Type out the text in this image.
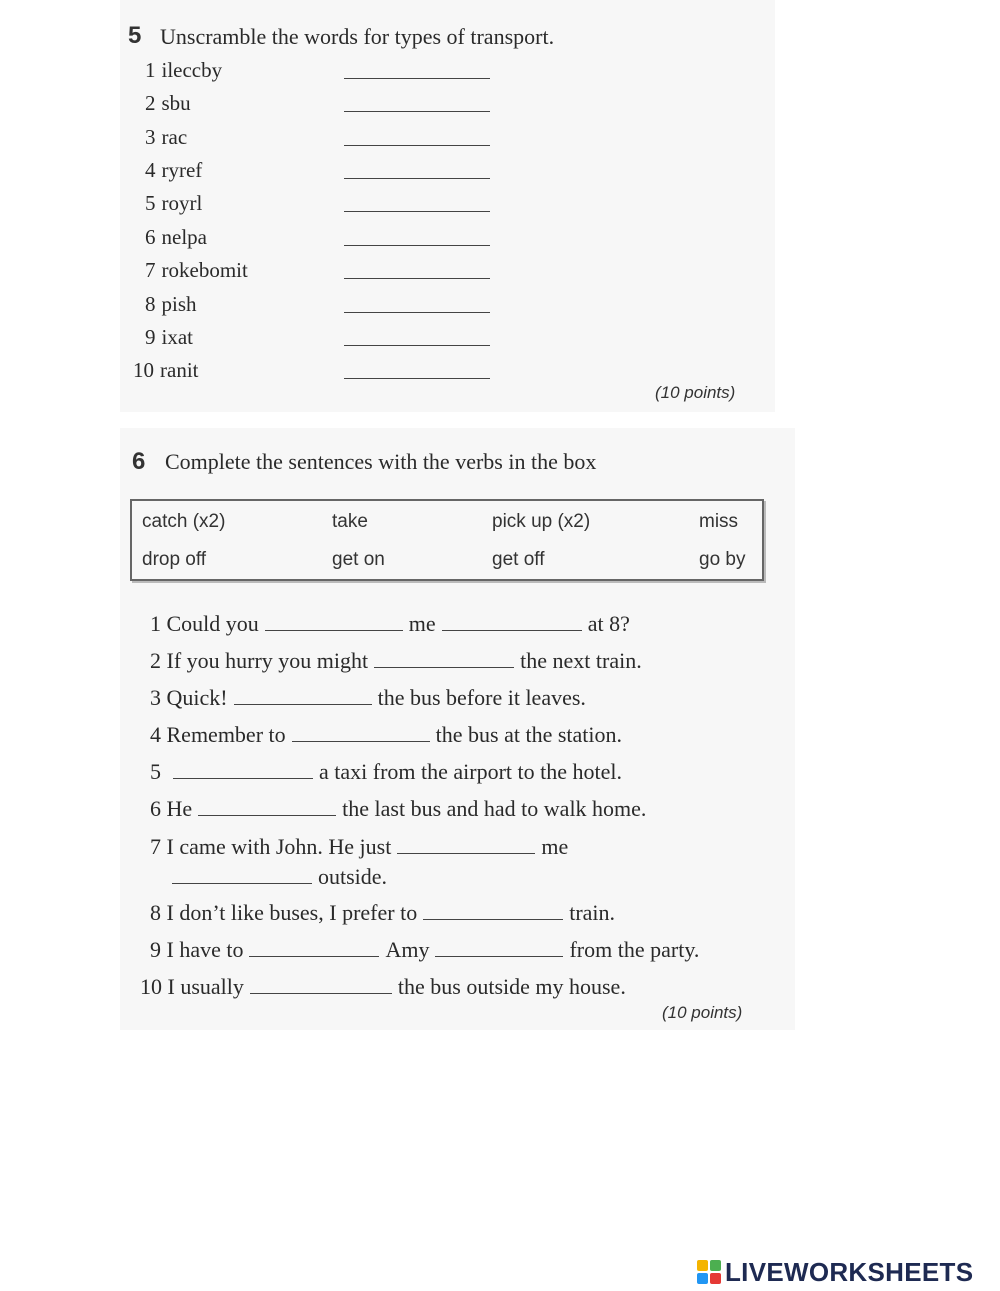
5 Unscramble the words for types of transport.
1 ileccby
2 sbu
3 rac
4 ryref
5 royrl
6 nelpa
7 rokebomit
8 pish
9 ixat
10 ranit
(10 points)
6 Complete the sentences with the verbs in the box
catch (x2)	take	pick up (x2)	miss
drop off	get on	get off	go by
1 Could you	me	at 8?
2 If you hurry you might	the next train.
3 Quick!	the bus before it leaves.
4 Remember to	the bus at the station.
5	a taxi from the airport to the hotel.
6 He	the last bus and had to walk home.
7 I came with John. He just	me
outside.
8 I don’t like buses, I prefer to	train.
9 I have to	Amy	from the party.
10 I usually	the bus outside my house.
(10 points)
LIVEWORKSHEETS
